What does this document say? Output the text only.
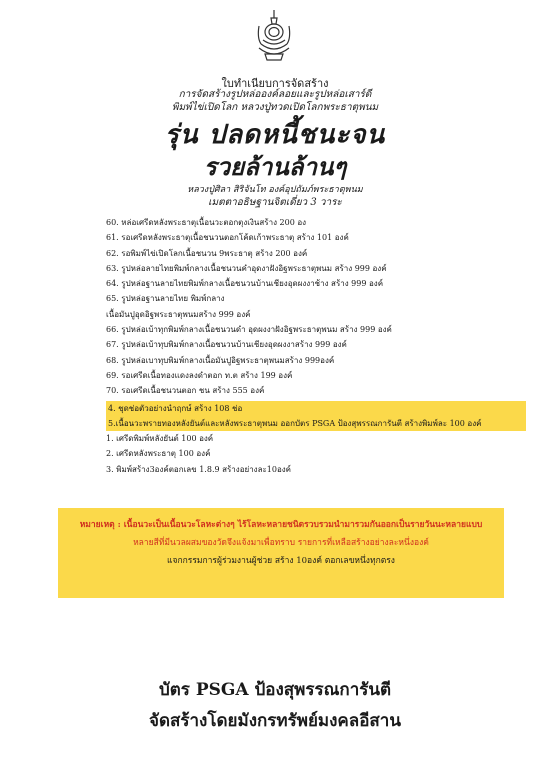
ใบทำเนียบการจัดสร้าง
การจัดสร้างรูปหล่อองค์ลอยและรูปหล่อเสาร์ดี
พิมพ์ไข่เปิดโลก หลวงปู่ทวดเปิดโลกพระธาตุพนม
รุ่น ปลดหนี้ชนะจน
รวยล้านล้านๆ
หลวงปู่ศิลา สิริจันโท องค์อุปถัมภ์พระธาตุพนม
เมตตาอธิษฐานจิตเดี่ยว 3 วาระ
60. หล่อเศรีดหลังพระธาตุเนื้อนวะตอกตุงเงินสร้าง 200 อง
61. รอเศรีดหลังพระธาตุเนื้อชนวนตอกโค้ดเก้าพระธาตุ สร้าง 101 องค์
62. รอพิมพ์ไข่เปิดโลกเนื้อชนวน 9พระธาตุ สร้าง 200 องค์
63. รูปหล่อลายไทยพิมพ์กลางเนื้อชนวนคำอุดงาฝังอิฐพระธาตุพนม สร้าง 999 องค์
64. รูปหล่อฐานลายไทยพิมพ์กลางเนื้อชนวนบ้านเชียงอุดผงงาช้าง สร้าง 999 องค์
65. รูปหล่อฐานลายไทย พิมพ์กลาง
เนื้อมันปูอุดอิฐพระธาตุพนมสร้าง 999 องค์
66. รูปหล่อเบ้าทุกพิมพ์กลางเนื้อชนวนดำ อุดผงงาฝังอิฐพระธาตุพนม สร้าง 999 องค์
67. รูปหล่อเบ้าทุบพิมพ์กลางเนื้อชนวนบ้านเชียงอุดผงงาสร้าง 999 องค์
68. รูปหล่อเบาทุบพิมพ์กลางเนื้อมันปูอิฐพระธาตุพนมสร้าง 999องค์
69. รอเศรีดเนื้อทองแดงลงดำตอก ท.ต สร้าง 199 องค์
70. รอเศรีดเนื้อชนวนตอก ชน สร้าง 555 องค์
4. ชุดช่อตัวอย่างนำฤกษ์ สร้าง 108 ช่อ
5.เนื้อนวะพรายทองหลังยันต์และหลังพระธาตุพนม ออกบัตร PSGA ป้องสุพรรณการันตี สร้างพิมพ์ละ 100 องค์
1. เศรีดพิมพ์หลังยันต์ 100 องค์
2. เศรีดหลังพระธาตุ 100 องค์
3. พิมพ์สร้าง3องค์ตอกเลข 1.8.9 สร้างอย่างละ10องค์
หมายเหตุ : เนื้อนวะเป็นเนื้อนวะโลหะต่างๆ ไร้โลหะหลายชนิดรวบรวมนำมารวมกันออกเป็นรายวันนะหลายแบบ
หลายสีที่มีนวลผสมของวัดจึงแจ้งมาเพื่อทราบ รายการที่เหลือสร้างอย่างละหนึ่งองค์
แจกกรรมการผู้ร่วมงานผู้ช่วย สร้าง 10องค์ ตอกเลขหนึ่งทุกตรง
บัตร PSGA ป้องสุพรรณการันตี
จัดสร้างโดยมังกรทรัพย์มงคลอีสาน
